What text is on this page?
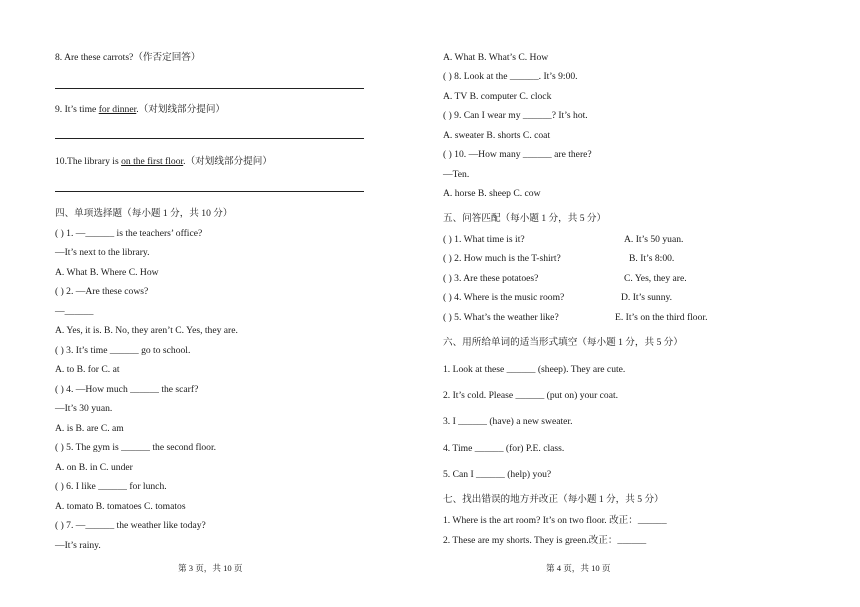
8. Are these carrots?（作否定回答）
9. It’s time for dinner.（对划线部分提问）
10.The library is on the first floor.（对划线部分提问）
四、单项选择题（每小题 1 分，共 10 分）
( ) 1. —______ is the teachers’ office?
—It’s next to the library.
A. What B. Where C. How
( ) 2. —Are these cows?
—______
A. Yes, it is. B. No, they aren’t C. Yes, they are.
( ) 3. It’s time ______ go to school.
A. to B. for C. at
( ) 4. —How much ______ the scarf?
—It’s 30 yuan.
A. is B. are C. am
( ) 5. The gym is ______ the second floor.
A. on B. in C. under
( ) 6. I like ______ for lunch.
A. tomato B. tomatoes C. tomatos
( ) 7. —______ the weather like today?
—It’s rainy.
第 3 页，共 10 页
A. What B. What’s C. How
( ) 8. Look at the ______. It’s 9:00.
A. TV B. computer C. clock
( ) 9. Can I wear my ______? It’s hot.
A. sweater B. shorts C. coat
( ) 10. —How many ______ are there?
—Ten.
A. horse B. sheep C. cow
五、问答匹配（每小题 1 分，共 5 分）
( ) 1. What time is it?	A. It’s 50 yuan.
( ) 2. How much is the T-shirt?	B. It’s 8:00.
( ) 3. Are these potatoes?	C. Yes, they are.
( ) 4. Where is the music room?	D. It’s sunny.
( ) 5. What’s the weather like?	E. It’s on the third floor.
六、用所给单词的适当形式填空（每小题 1 分，共 5 分）
1. Look at these ______ (sheep). They are cute.
2. It’s cold. Please ______ (put on) your coat.
3. I ______ (have) a new sweater.
4. Time ______ (for) P.E. class.
5. Can I ______ (help) you?
七、找出错误的地方并改正（每小题 1 分，共 5 分）
1. Where is the art room? It’s on two floor. 改正：______
2. These are my shorts. They is green.改正：______
第 4 页，共 10 页
